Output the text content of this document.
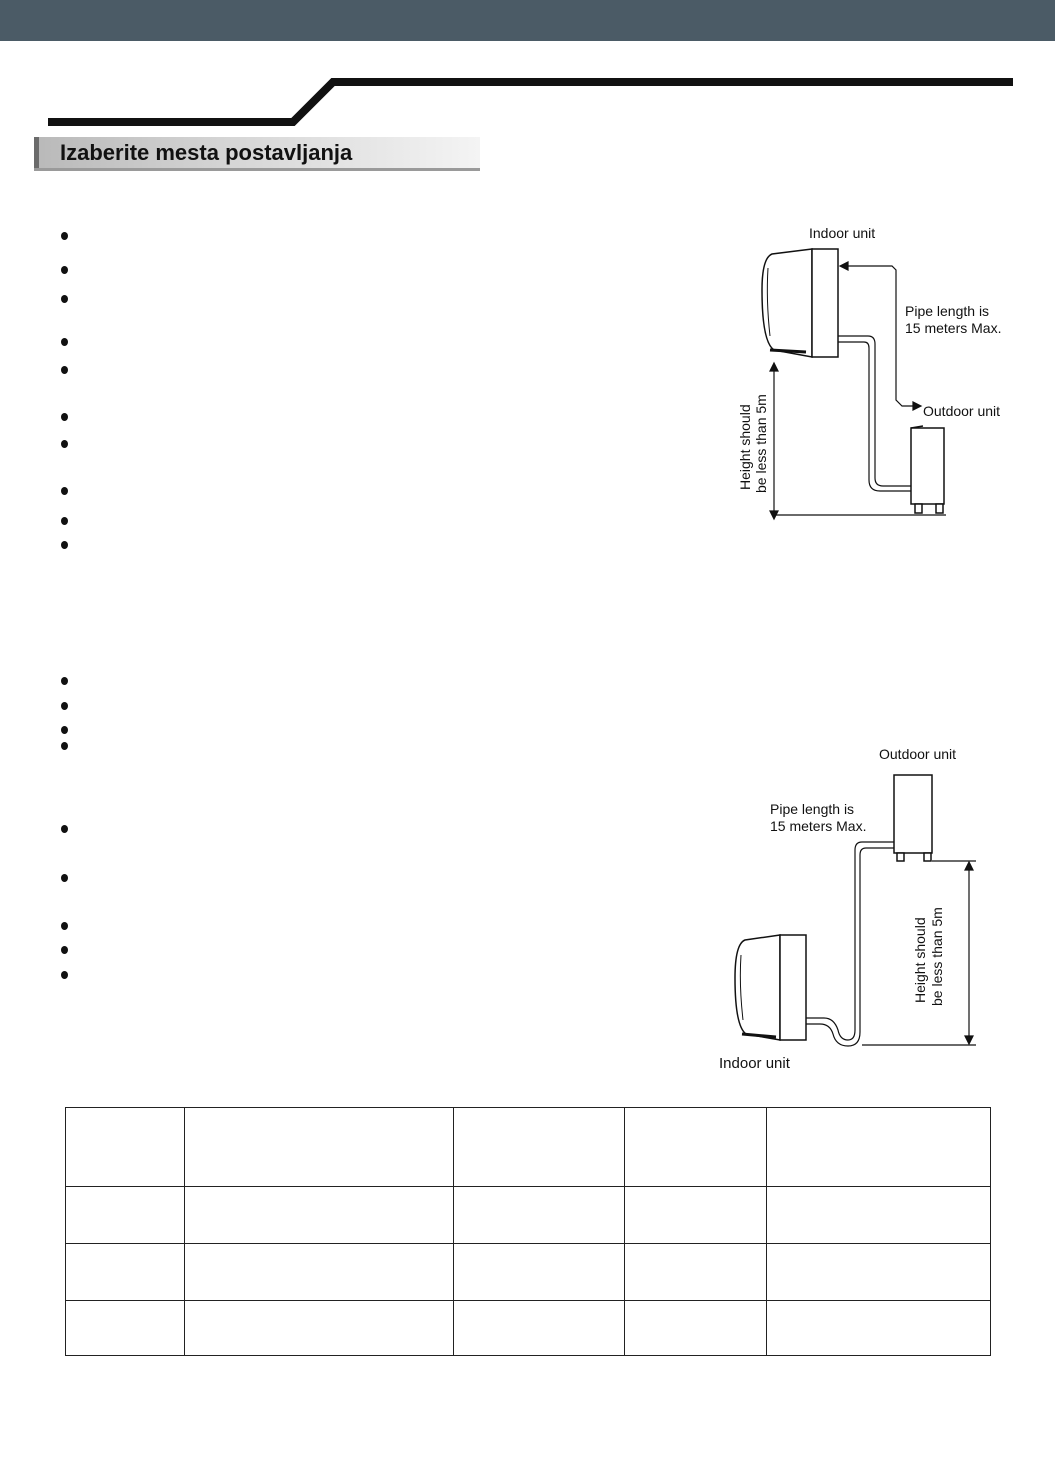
Izaberite mesta postavljanja
Indoor unit
Pipe length is
15 meters Max.
Outdoor unit
Height should be less than 5m
Outdoor unit
Pipe length is
15 meters Max.
Height should be less than 5m
Indoor unit
